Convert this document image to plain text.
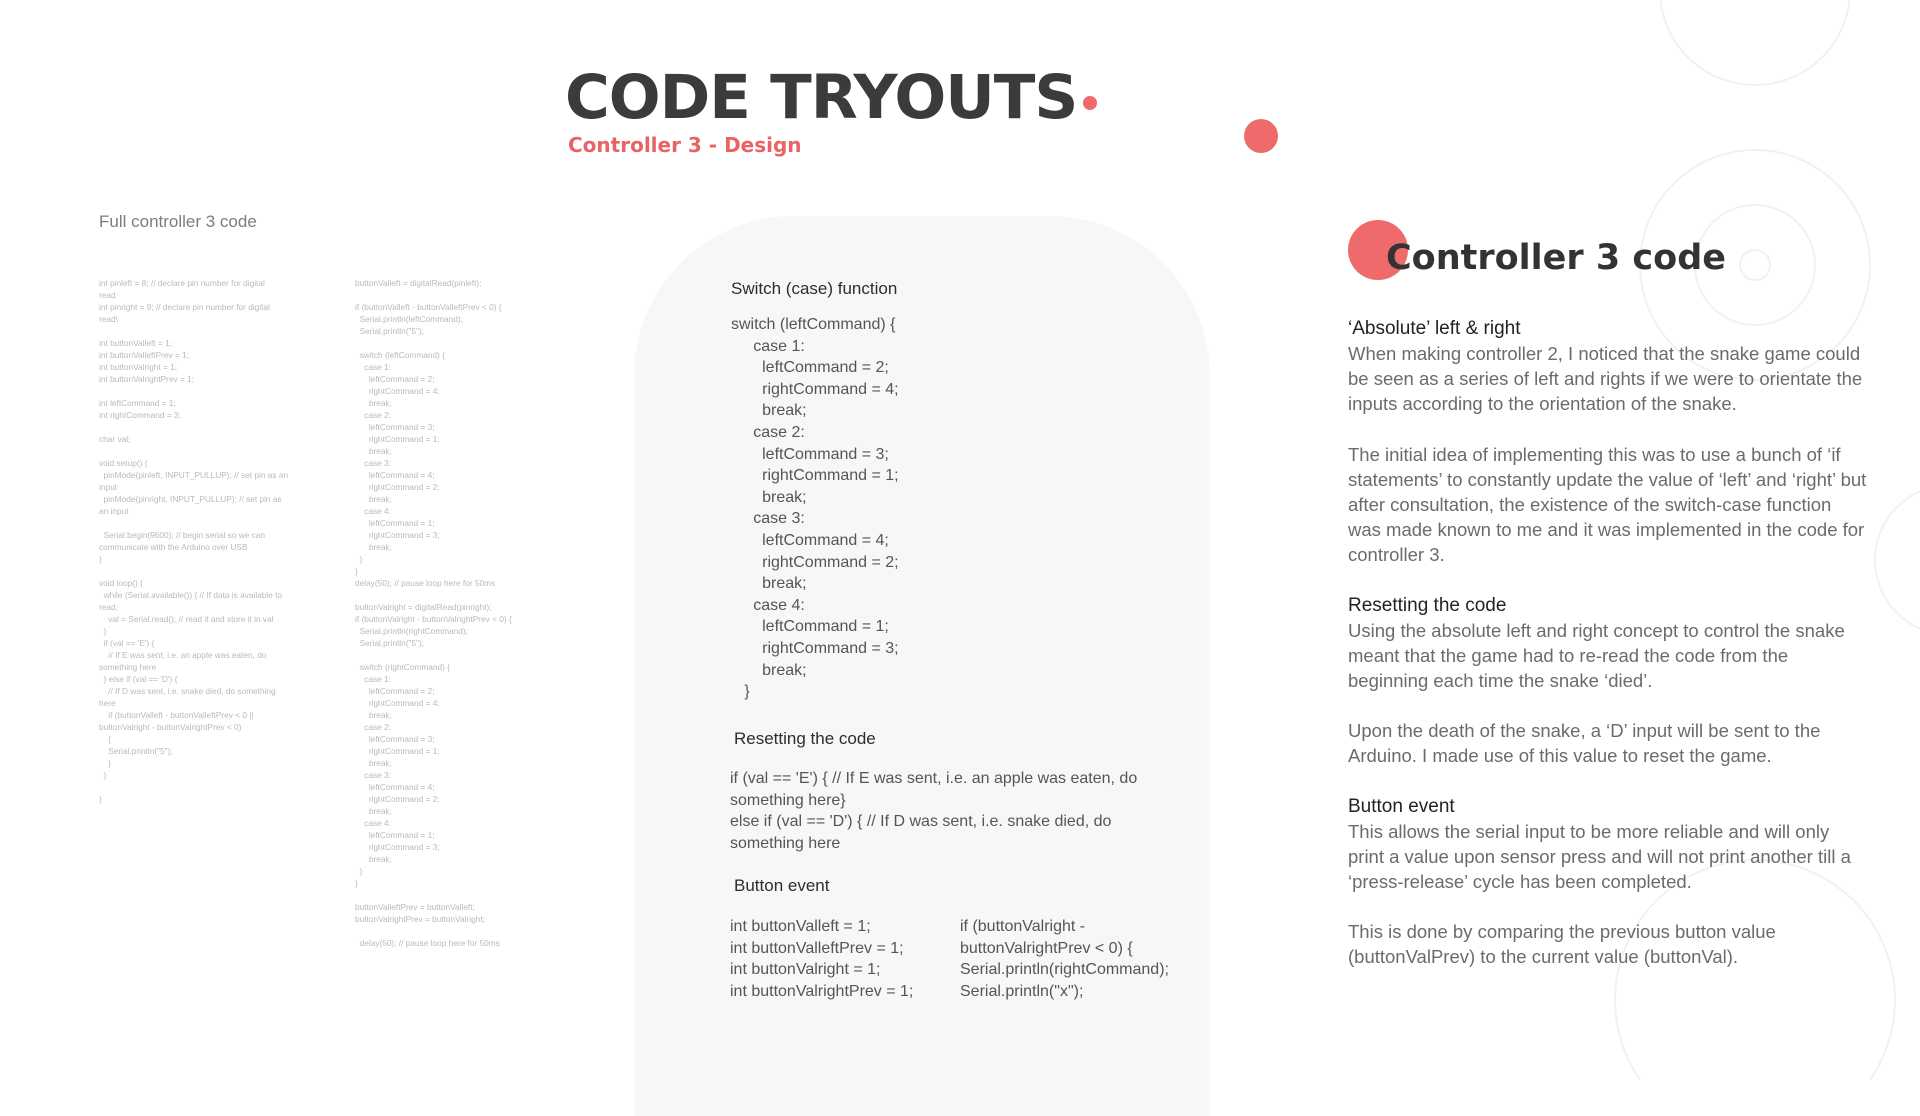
CODE TRYOUTS
Controller 3 - Design
Full controller 3 code
int pinleft = 8; // declare pin number for digital
read
int pinright = 9; // declare pin number for digital
read\

int buttonValleft = 1;
int buttonValleftPrev = 1;
int buttonValright = 1;
int buttonValrightPrev = 1;

int leftCommand = 1;
int rightCommand = 3;

char val;

void setup() {
pinMode(pinleft, INPUT_PULLUP); // set pin as an
input
pinMode(pinright, INPUT_PULLUP); // set pin as
an input

Serial.begin(9600); // begin serial so we can
communicate with the Arduino over USB
}

void loop() {
while (Serial.available()) { // If data is available to
read,
val = Serial.read(); // read it and store it in val
}
if (val == 'E') {
// If E was sent, i.e. an apple was eaten, do
something here
} else if (val == 'D') {
// If D was sent, i.e. snake died, do something
here
if (buttonValleft - buttonValleftPrev < 0 ||
buttonValright - buttonValrightPrev < 0)
{
Serial.println("5");
}
}

}
buttonValleft = digitalRead(pinleft);

if (buttonValleft - buttonValleftPrev < 0) {
Serial.println(leftCommand);
Serial.println("5");

switch (leftCommand) {
case 1:
leftCommand = 2;
rightCommand = 4;
break;
case 2:
leftCommand = 3;
rightCommand = 1;
break;
case 3:
leftCommand = 4;
rightCommand = 2;
break;
case 4:
leftCommand = 1;
rightCommand = 3;
break;
}
}
delay(50); // pause loop here for 50ms

buttonValright = digitalRead(pinright);
if (buttonValright - buttonValrightPrev < 0) {
Serial.println(rightCommand);
Serial.println("5");

switch (rightCommand) {
case 1:
leftCommand = 2;
rightCommand = 4;
break;
case 2:
leftCommand = 3;
rightCommand = 1;
break;
case 3:
leftCommand = 4;
rightCommand = 2;
break;
case 4:
leftCommand = 1;
rightCommand = 3;
break;
}
}

buttonValleftPrev = buttonValleft;
buttonValrightPrev = buttonValright;

delay(50); // pause loop here for 50ms
Switch (case) function
switch (leftCommand) {
case 1:
leftCommand = 2;
rightCommand = 4;
break;
case 2:
leftCommand = 3;
rightCommand = 1;
break;
case 3:
leftCommand = 4;
rightCommand = 2;
break;
case 4:
leftCommand = 1;
rightCommand = 3;
break;
}
Resetting the code
if (val == 'E') { // If E was sent, i.e. an apple was eaten, do something here}
else if (val == 'D') { // If D was sent, i.e. snake died, do something here
Button event
int buttonValleft = 1;
int buttonValleftPrev = 1;
int buttonValright = 1;
int buttonValrightPrev = 1;
if (buttonValright -
buttonValrightPrev < 0) {
Serial.println(rightCommand);
Serial.println("x");
Controller 3 code
‘Absolute’ left & right

When making controller 2, I noticed that the snake game could be seen as a series of left and rights if we were to orientate the inputs according to the orientation of the snake.

The initial idea of implementing this was to use a bunch of ‘if statements’ to constantly update the value of ‘left’ and ‘right’ but after consultation, the existence of the switch-case function was made known to me and it was implemented in the code for controller 3.

Resetting the code

Using the absolute left and right concept to control the snake meant that the game had to re-read the code from the beginning each time the snake ‘died’.

Upon the death of the snake, a ‘D’ input will be sent to the Arduino. I made use of this value to reset the game.

Button event

This allows the serial input to be more reliable and will only print a value upon sensor press and will not print another till a ‘press-release’ cycle has been completed.

This is done by comparing the previous button value (buttonValPrev) to the current value (buttonVal).
